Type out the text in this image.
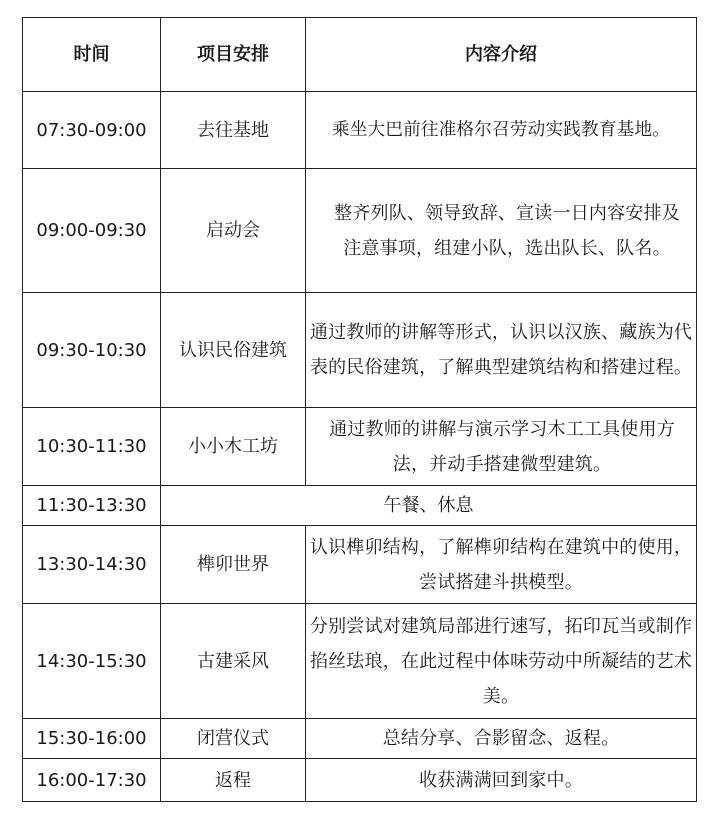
时间	项目安排	内容介绍
07:30-09:00	去往基地	乘坐大巴前往准格尔召劳动实践教育基地。
09:00-09:30	启动会	整齐列队、领导致辞、宣读一日内容安排及注意事项，组建小队，选出队长、队名。
09:30-10:30	认识民俗建筑	通过教师的讲解等形式，认识以汉族、藏族为代表的民俗建筑，了解典型建筑结构和搭建过程。
10:30-11:30	小小木工坊	通过教师的讲解与演示学习木工工具使用方法，并动手搭建微型建筑。
11:30-13:30	午餐、休息	
13:30-14:30	榫卯世界	认识榫卯结构，了解榫卯结构在建筑中的使用，尝试搭建斗拱模型。
14:30-15:30	古建采风	分别尝试对建筑局部进行速写，拓印瓦当或制作掐丝珐琅，在此过程中体味劳动中所凝结的艺术美。
15:30-16:00	闭营仪式	总结分享、合影留念、返程。
16:00-17:30	返程	收获满满回到家中。
